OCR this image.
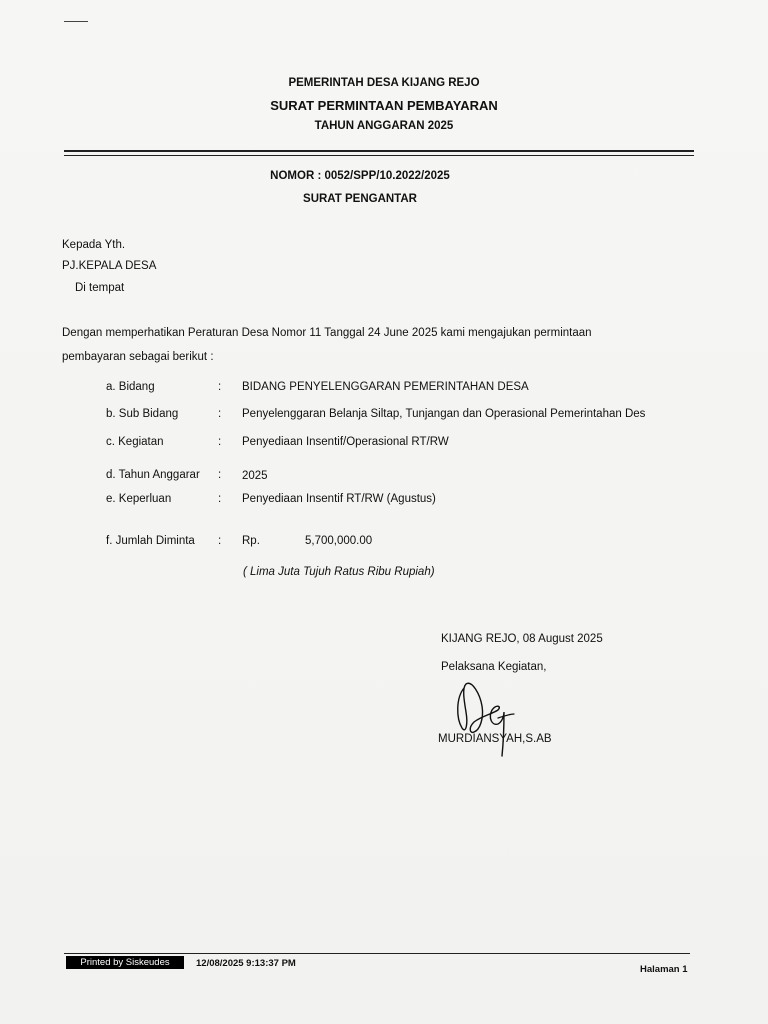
PEMERINTAH DESA KIJANG REJO
SURAT PERMINTAAN PEMBAYARAN
TAHUN ANGGARAN 2025
NOMOR : 0052/SPP/10.2022/2025
SURAT PENGANTAR
Kepada Yth.
PJ.KEPALA DESA
Di tempat
Dengan memperhatikan Peraturan Desa Nomor 11 Tanggal 24 June 2025 kami mengajukan permintaan
pembayaran sebagai berikut :
a. Bidang	: BIDANG PENYELENGGARAN PEMERINTAHAN DESA
b. Sub Bidang	: Penyelenggaran Belanja Siltap, Tunjangan dan Operasional Pemerintahan Des
c. Kegiatan	: Penyediaan Insentif/Operasional RT/RW
d. Tahun Anggarar : 2025
e. Keperluan	: Penyediaan Insentif RT/RW (Agustus)
f. Jumlah Diminta : Rp.	5,700,000.00
( Lima Juta Tujuh Ratus Ribu Rupiah)
KIJANG REJO, 08 August 2025
Pelaksana Kegiatan,
MURDIANSYAH,S.AB
Printed by Siskeudes	12/08/2025 9:13:37 PM
Halaman 1
